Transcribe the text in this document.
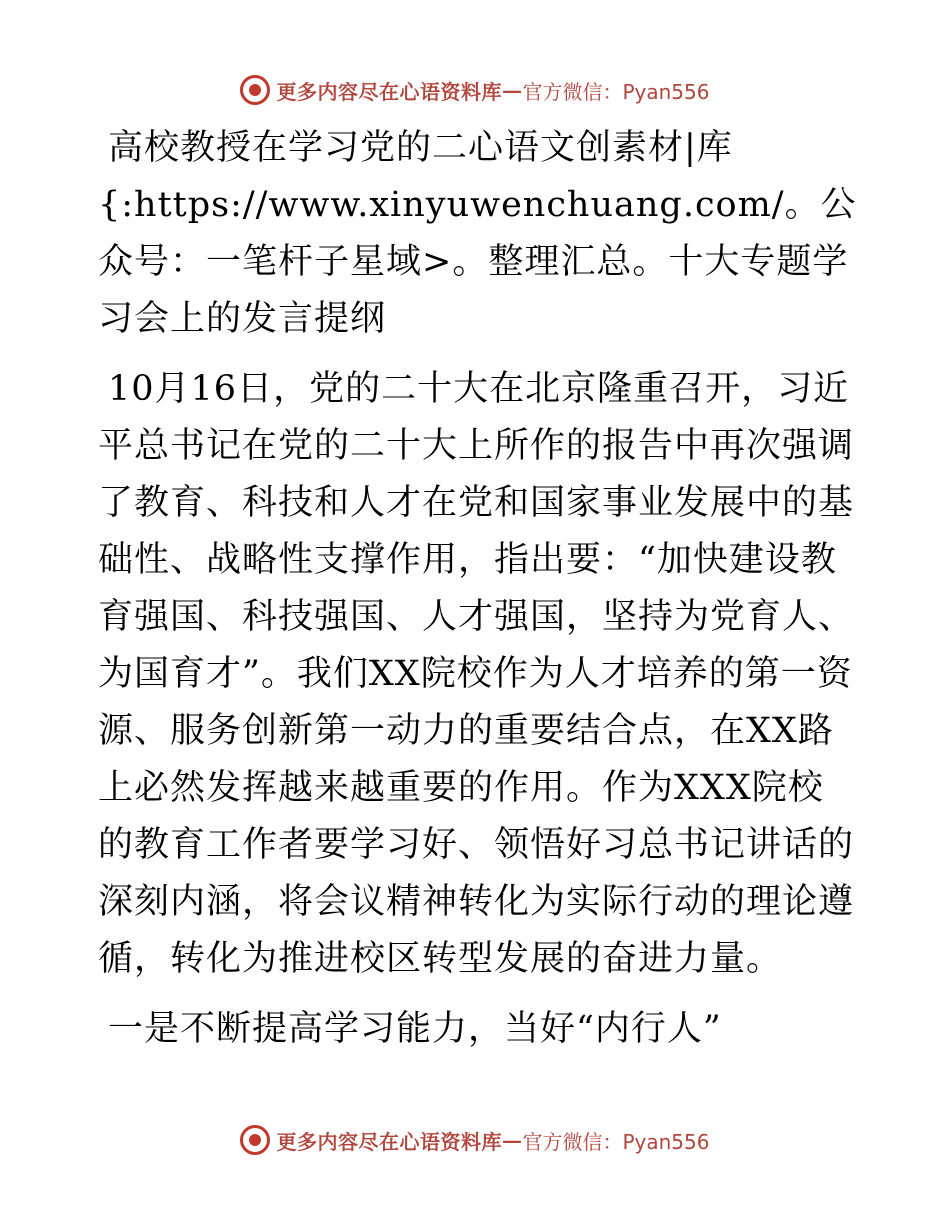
更多内容尽在心语资料库 — 官方微信：Pyan556

高校教授在学习党的二心语文创素材|库{:https://www.xinyuwenchuang.com/。公众号：一笔杆子星域>。整理汇总。十大专题学习会上的发言提纲

10月16日，党的二十大在北京隆重召开，习近平总书记在党的二十大上所作的报告中再次强调了教育、科技和人才在党和国家事业发展中的基础性、战略性支撑作用，指出要：“加快建设教育强国、科技强国、人才强国，坚持为党育人、为国育才”。我们XX院校作为人才培养的第一资源、服务创新第一动力的重要结合点，在XX路上必然发挥越来越重要的作用。作为XXX院校的教育工作者要学习好、领悟好习总书记讲话的深刻内涵，将会议精神转化为实际行动的理论遵循，转化为推进校区转型发展的奋进力量。

一是不断提高学习能力，当好“内行人”

更多内容尽在心语资料库 — 官方微信：Pyan556
